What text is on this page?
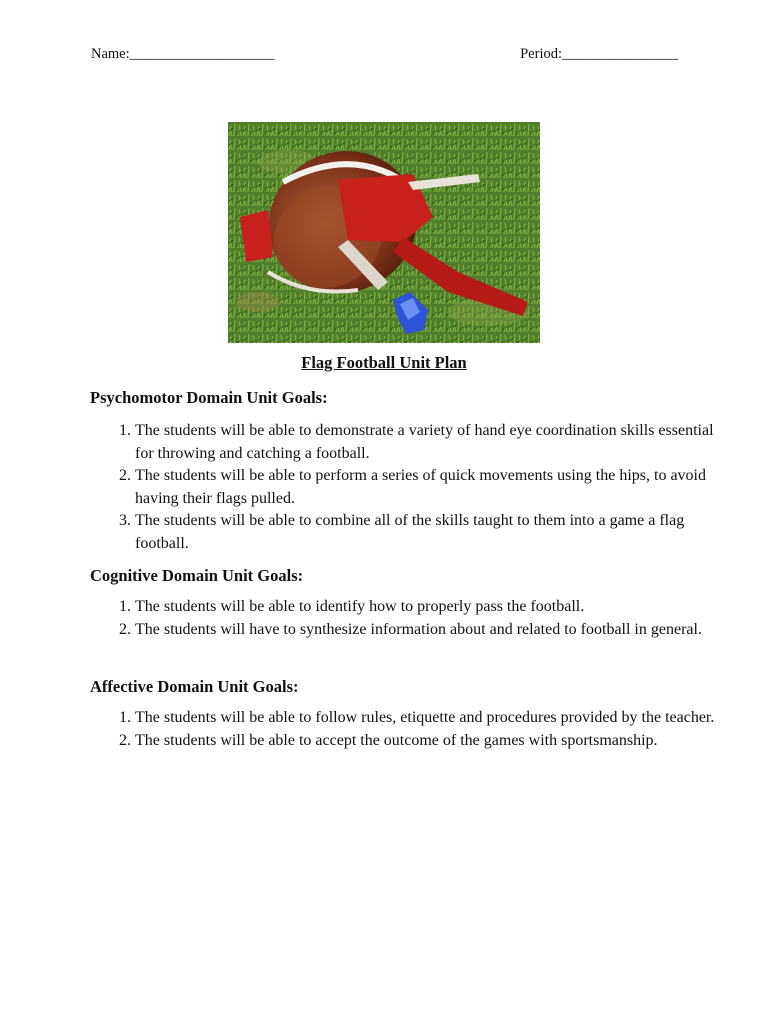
Name:____________________	Period:________________
Flag Football Unit Plan
Psychomotor Domain Unit Goals:
1. The students will be able to demonstrate a variety of hand eye coordination skills essential for throwing and catching a football.
2. The students will be able to perform a series of quick movements using the hips, to avoid having their flags pulled.
3. The students will be able to combine all of the skills taught to them into a game a flag football.
Cognitive Domain Unit Goals:
1. The students will be able to identify how to properly pass the football.
2. The students will have to synthesize information about and related to football in general.
Affective Domain Unit Goals:
1. The students will be able to follow rules, etiquette and procedures provided by the teacher.
2. The students will be able to accept the outcome of the games with sportsmanship.
